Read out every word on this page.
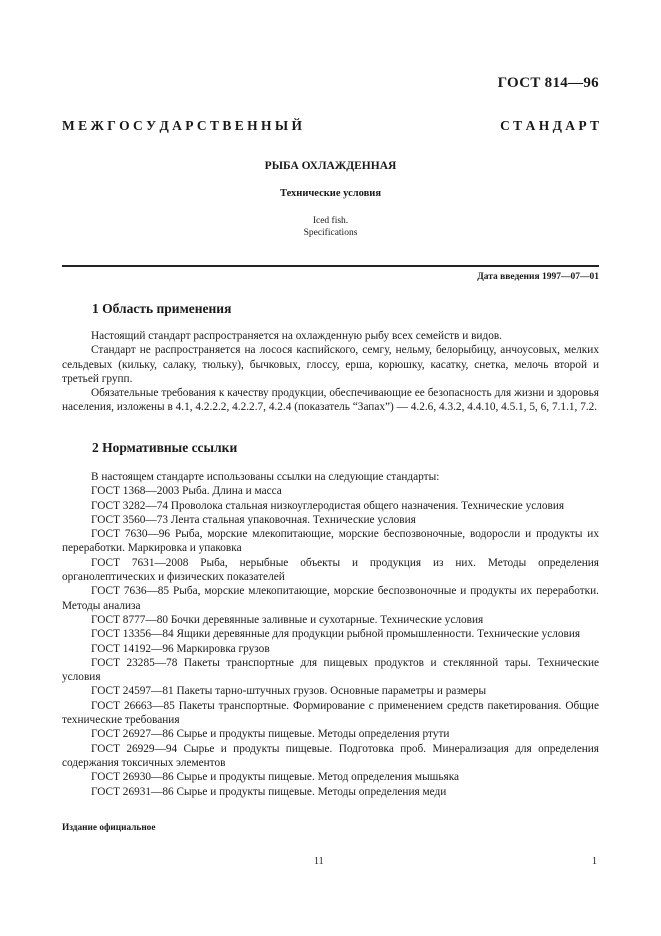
ГОСТ 814—96
М Е Ж Г О С У Д А Р С Т В Е Н Н Ы Й	С Т А Н Д А Р Т
РЫБА ОХЛАЖДЕННАЯ
Технические условия
Iced fish.
Specifications
Дата введения 1997—07—01
1 Область применения
Настоящий стандарт распространяется на охлажденную рыбу всех семейств и видов.
Стандарт не распространяется на лосося каспийского, семгу, нельму, белорыбицу, анчоусовых, мелких сельдевых (кильку, салаку, тюльку), бычковых, глоссу, ерша, корюшку, касатку, снетка, мелочь второй и третьей групп.
Обязательные требования к качеству продукции, обеспечивающие ее безопасность для жизни и здоровья населения, изложены в 4.1, 4.2.2.2, 4.2.2.7, 4.2.4 (показатель “Запах”) — 4.2.6, 4.3.2, 4.4.10, 4.5.1, 5, 6, 7.1.1, 7.2.
2 Нормативные ссылки
В настоящем стандарте использованы ссылки на следующие стандарты:
ГОСТ 1368—2003 Рыба. Длина и масса
ГОСТ 3282—74 Проволока стальная низкоуглеродистая общего назначения. Технические условия
ГОСТ 3560—73 Лента стальная упаковочная. Технические условия
ГОСТ 7630—96 Рыба, морские млекопитающие, морские беспозвоночные, водоросли и продукты их переработки. Маркировка и упаковка
ГОСТ 7631—2008 Рыба, нерыбные объекты и продукция из них. Методы определения органолептических и физических показателей
ГОСТ 7636—85 Рыба, морские млекопитающие, морские беспозвоночные и продукты их переработки. Методы анализа
ГОСТ 8777—80 Бочки деревянные заливные и сухотарные. Технические условия
ГОСТ 13356—84 Ящики деревянные для продукции рыбной промышленности. Технические условия
ГОСТ 14192—96 Маркировка грузов
ГОСТ 23285—78 Пакеты транспортные для пищевых продуктов и стеклянной тары. Технические условия
ГОСТ 24597—81 Пакеты тарно-штучных грузов. Основные параметры и размеры
ГОСТ 26663—85 Пакеты транспортные. Формирование с применением средств пакетирования. Общие технические требования
ГОСТ 26927—86 Сырье и продукты пищевые. Методы определения ртути
ГОСТ 26929—94 Сырье и продукты пищевые. Подготовка проб. Минерализация для определения содержания токсичных элементов
ГОСТ 26930—86 Сырье и продукты пищевые. Метод определения мышьяка
ГОСТ 26931—86 Сырье и продукты пищевые. Методы определения меди
Издание официальное
11	1
